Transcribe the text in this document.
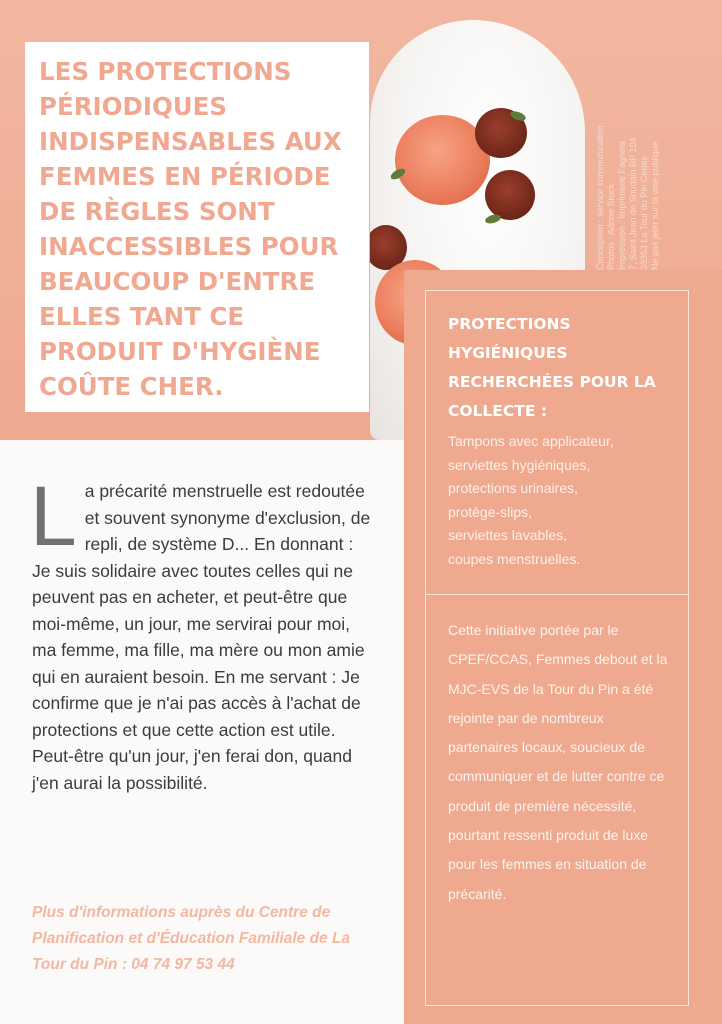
Conception : service communication Photos : Adobe Stock Impression : Imprimerie Fagnola 7, Saint Jean de Soudain BP 104 38353 La Tour du Pin Cedex Ne pas jeter sur la voie publique
LES PROTECTIONS PÉRIODIQUES INDISPENSABLES AUX FEMMES EN PÉRIODE DE RÈGLES SONT INACCESSIBLES POUR BEAUCOUP D'ENTRE ELLES TANT CE PRODUIT D'HYGIÈNE COÛTE CHER.
PROTECTIONS HYGIÉNIQUES RECHERCHÉES POUR LA COLLECTE :
Tampons avec applicateur,
serviettes hygiéniques,
protections urinaires,
protège-slips,
serviettes lavables,
coupes menstruelles.
Cette initiative portée par le CPEF/CCAS, Femmes debout et la MJC-EVS de la Tour du Pin a été rejointe par de nombreux partenaires locaux, soucieux de communiquer et de lutter contre ce produit de première nécessité, pourtant ressenti produit de luxe pour les femmes en situation de précarité.
L a précarité menstruelle est redoutée et souvent synonyme d'exclusion, de repli, de système D... En donnant : Je suis solidaire avec toutes celles qui ne peuvent pas en acheter, et peut-être que moi-même, un jour, me servirai pour moi, ma femme, ma fille, ma mère ou mon amie qui en auraient besoin. En me servant : Je confirme que je n'ai pas accès à l'achat de protections et que cette action est utile. Peut-être qu'un jour, j'en ferai don, quand j'en aurai la possibilité.
Plus d'informations auprès du Centre de Planification et d'Éducation Familiale de La Tour du Pin : 04 74 97 53 44
